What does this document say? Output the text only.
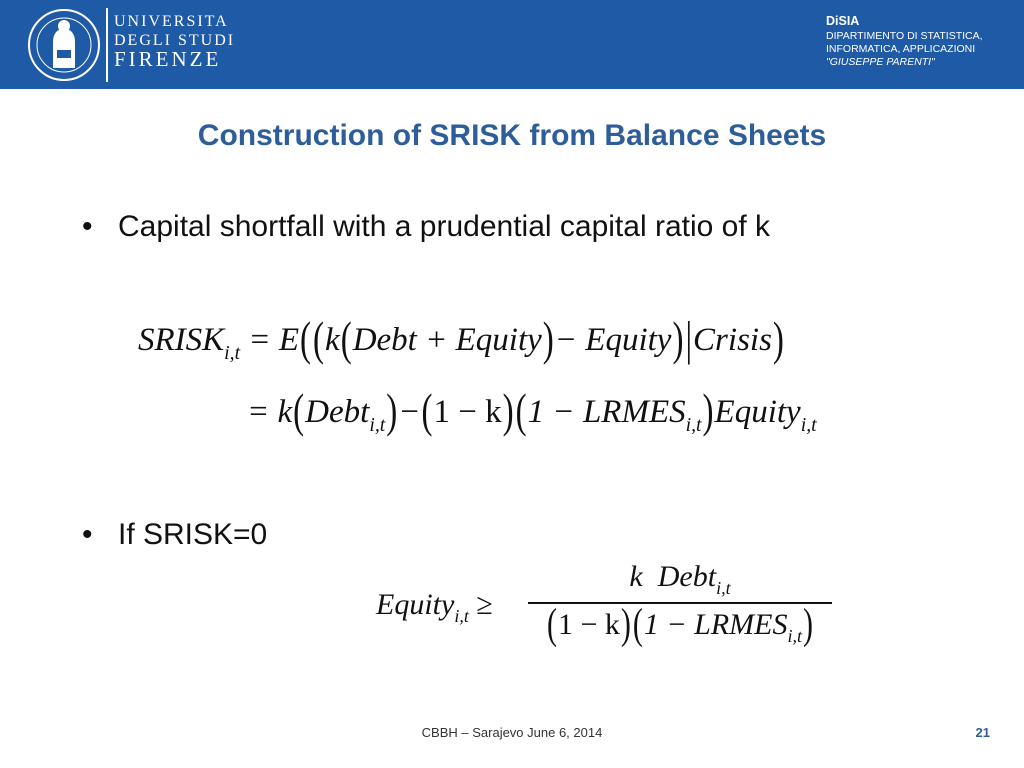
UNIVERSITA
DEGLI STUDI
FIRENZE
DiSIA
DIPARTIMENTO DI STATISTICA,
INFORMATICA, APPLICAZIONI
"GIUSEPPE PARENTI"
Construction of SRISK from Balance Sheets
• Capital shortfall with a prudential capital ratio of k
$SRISK_{i,t}$ = E((k(Debt + Equity)− Equity)|Crisis)
= k(Debt$_{i,t}$)−(1 − $k)(1 - LRMES_{i,t})Equity_{i,t}$
• If SRISK=0
Equity$_{i,t}$ ≥
k Debt$_{i,t}$
$(1 - k)(1 - LRMES_{i,t})$
CBBH – Sarajevo June 6, 2014	21
